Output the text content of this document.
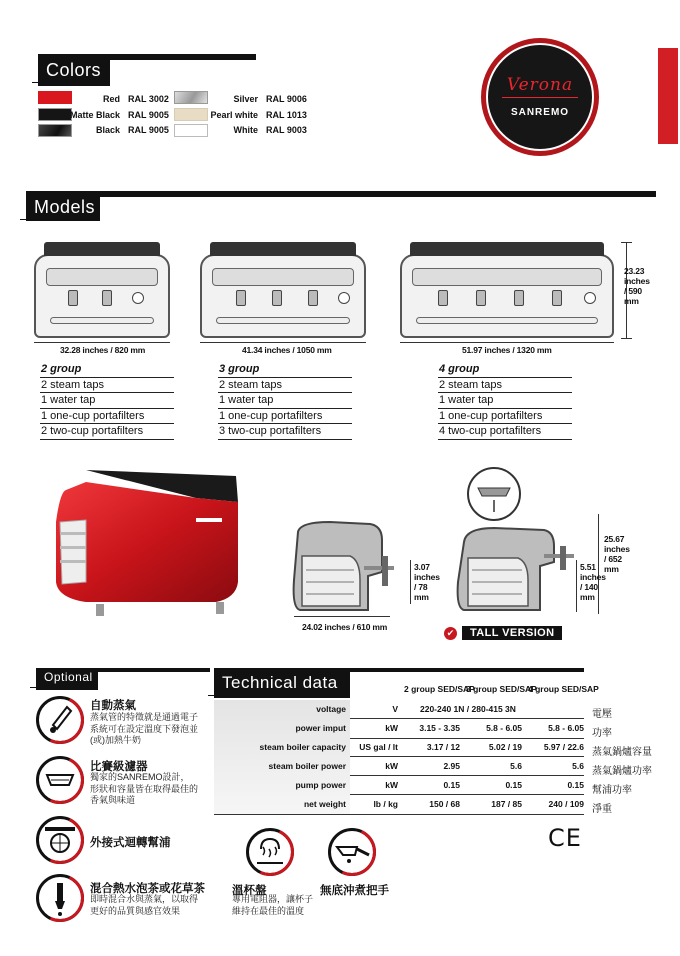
Colors
Red RAL 3002
Matte Black RAL 9005
Black RAL 9005
Silver RAL 9006
Pearl white RAL 1013
White RAL 9003
Verona
SANREMO
Models
23.23 inches / 590 mm
32.28 inches / 820 mm	41.34 inches / 1050 mm	51.97 inches / 1320 mm
2 group
2 steam taps
1 water tap
1 one-cup portafilters
2 two-cup portafilters
3 group
2 steam taps
1 water tap
1 one-cup portafilters
3 two-cup portafilters
4 group
2 steam taps
1 water tap
1 one-cup portafilters
4 two-cup portafilters
24.02 inches / 610 mm
3.07 inches / 78 mm
25.67 inches / 652 mm
5.51 inches / 140 mm
✔	TALL VERSION
Optional
自動蒸氣
蒸氣管的特徵就是通過電子
系統可在設定溫度下發泡並
(或)加熱牛奶
比賽級濾器
獨家的SANREMO設計，
形狀和容量皆在取得最佳的
香氣與味道
外接式迴轉幫浦
混合熱水泡茶或花草茶
即時混合水與蒸氣，以取得
更好的品質與感官效果
Technical data	2 group SED/SAP
3 group SED/SAP
4 group SED/SAP
voltage	V	220-240 1N / 280-415 3N	電壓
power imput	kW	3.15 - 3.35	5.8 - 6.05	5.8 - 6.05 功率
steam boiler capacity	US gal / lt	3.17 / 12	5.02 / 19	5.97 / 22.6 蒸氣鍋爐容量
steam boiler power	kW	2.95	5.6	5.6 蒸氣鍋爐功率
pump power	kW	0.15	0.15	0.15 幫浦功率
net weight	lb / kg	150 / 68	187 / 85	240 / 109 淨重
CE
溫杯盤
專用電阻器，讓杯子
維持在最佳的溫度
無底沖煮把手
